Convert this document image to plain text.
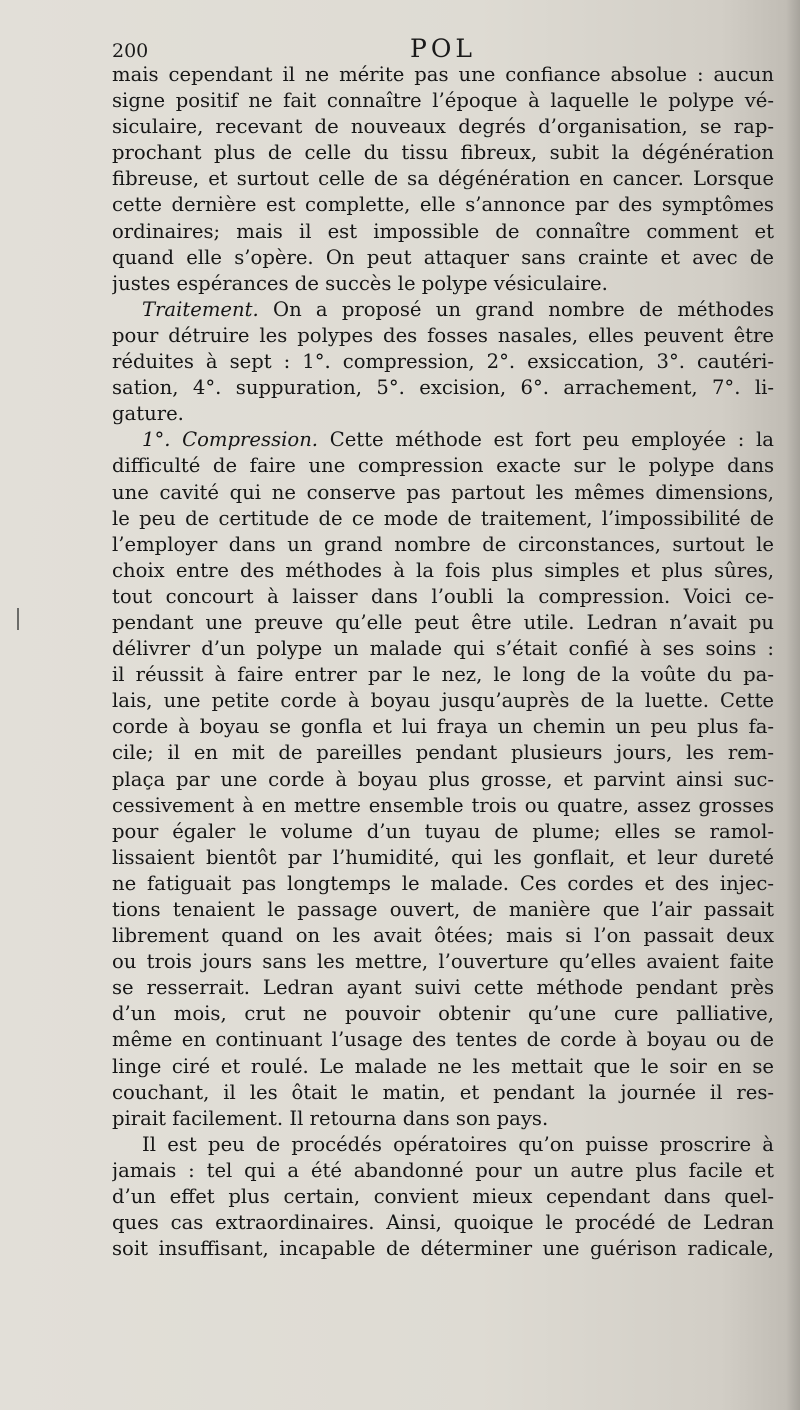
200	POL
mais cependant il ne mérite pas une confiance absolue : aucun
signe positif ne fait connaître l’époque à laquelle le polype vé-
siculaire, recevant de nouveaux degrés d’organisation, se rap-
prochant plus de celle du tissu fibreux, subit la dégénération
fibreuse, et surtout celle de sa dégénération en cancer. Lorsque
cette dernière est complette, elle s’annonce par des symptômes
ordinaires; mais il est impossible de connaître comment et
quand elle s’opère. On peut attaquer sans crainte et avec de
justes espérances de succès le polype vésiculaire.
Traitement. On a proposé un grand nombre de méthodes
pour détruire les polypes des fosses nasales, elles peuvent être
réduites à sept : 1°. compression, 2°. exsiccation, 3°. cautéri-
sation, 4°. suppuration, 5°. excision, 6°. arrachement, 7°. li-
gature.
1°. Compression. Cette méthode est fort peu employée : la
difficulté de faire une compression exacte sur le polype dans
une cavité qui ne conserve pas partout les mêmes dimensions,
le peu de certitude de ce mode de traitement, l’impossibilité de
l’employer dans un grand nombre de circonstances, surtout le
choix entre des méthodes à la fois plus simples et plus sûres,
tout concourt à laisser dans l’oubli la compression. Voici ce-
pendant une preuve qu’elle peut être utile. Ledran n’avait pu
délivrer d’un polype un malade qui s’était confié à ses soins :
il réussit à faire entrer par le nez, le long de la voûte du pa-
lais, une petite corde à boyau jusqu’auprès de la luette. Cette
corde à boyau se gonfla et lui fraya un chemin un peu plus fa-
cile; il en mit de pareilles pendant plusieurs jours, les rem-
plaça par une corde à boyau plus grosse, et parvint ainsi suc-
cessivement à en mettre ensemble trois ou quatre, assez grosses
pour égaler le volume d’un tuyau de plume; elles se ramol-
lissaient bientôt par l’humidité, qui les gonflait, et leur dureté
ne fatiguait pas longtemps le malade. Ces cordes et des injec-
tions tenaient le passage ouvert, de manière que l’air passait
librement quand on les avait ôtées; mais si l’on passait deux
ou trois jours sans les mettre, l’ouverture qu’elles avaient faite
se resserrait. Ledran ayant suivi cette méthode pendant près
d’un mois, crut ne pouvoir obtenir qu’une cure palliative,
même en continuant l’usage des tentes de corde à boyau ou de
linge ciré et roulé. Le malade ne les mettait que le soir en se
couchant, il les ôtait le matin, et pendant la journée il res-
pirait facilement. Il retourna dans son pays.
Il est peu de procédés opératoires qu’on puisse proscrire à
jamais : tel qui a été abandonné pour un autre plus facile et
d’un effet plus certain, convient mieux cependant dans quel-
ques cas extraordinaires. Ainsi, quoique le procédé de Ledran
soit insuffisant, incapable de déterminer une guérison radicale,
